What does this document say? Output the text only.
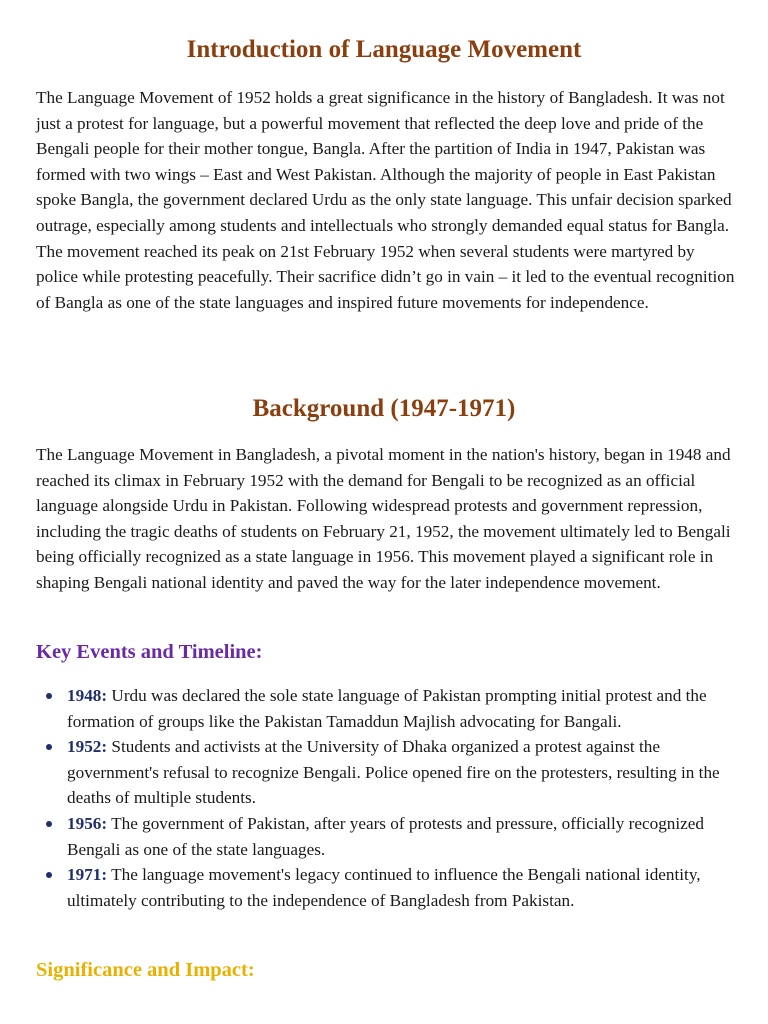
Introduction of Language Movement

The Language Movement of 1952 holds a great significance in the history of Bangladesh. It was not just a protest for language, but a powerful movement that reflected the deep love and pride of the Bengali people for their mother tongue, Bangla. After the partition of India in 1947, Pakistan was formed with two wings – East and West Pakistan. Although the majority of people in East Pakistan spoke Bangla, the government declared Urdu as the only state language. This unfair decision sparked outrage, especially among students and intellectuals who strongly demanded equal status for Bangla. The movement reached its peak on 21st February 1952 when several students were martyred by police while protesting peacefully. Their sacrifice didn’t go in vain – it led to the eventual recognition of Bangla as one of the state languages and inspired future movements for independence.

Background (1947-1971)

The Language Movement in Bangladesh, a pivotal moment in the nation's history, began in 1948 and reached its climax in February 1952 with the demand for Bengali to be recognized as an official language alongside Urdu in Pakistan. Following widespread protests and government repression, including the tragic deaths of students on February 21, 1952, the movement ultimately led to Bengali being officially recognized as a state language in 1956. This movement played a significant role in shaping Bengali national identity and paved the way for the later independence movement.

Key Events and Timeline:
1948: Urdu was declared the sole state language of Pakistan prompting initial protest and the formation of groups like the Pakistan Tamaddun Majlish advocating for Bangali.
1952: Students and activists at the University of Dhaka organized a protest against the government's refusal to recognize Bengali. Police opened fire on the protesters, resulting in the deaths of multiple students.
1956: The government of Pakistan, after years of protests and pressure, officially recognized Bengali as one of the state languages.
1971: The language movement's legacy continued to influence the Bengali national identity, ultimately contributing to the independence of Bangladesh from Pakistan.
Significance and Impact:
